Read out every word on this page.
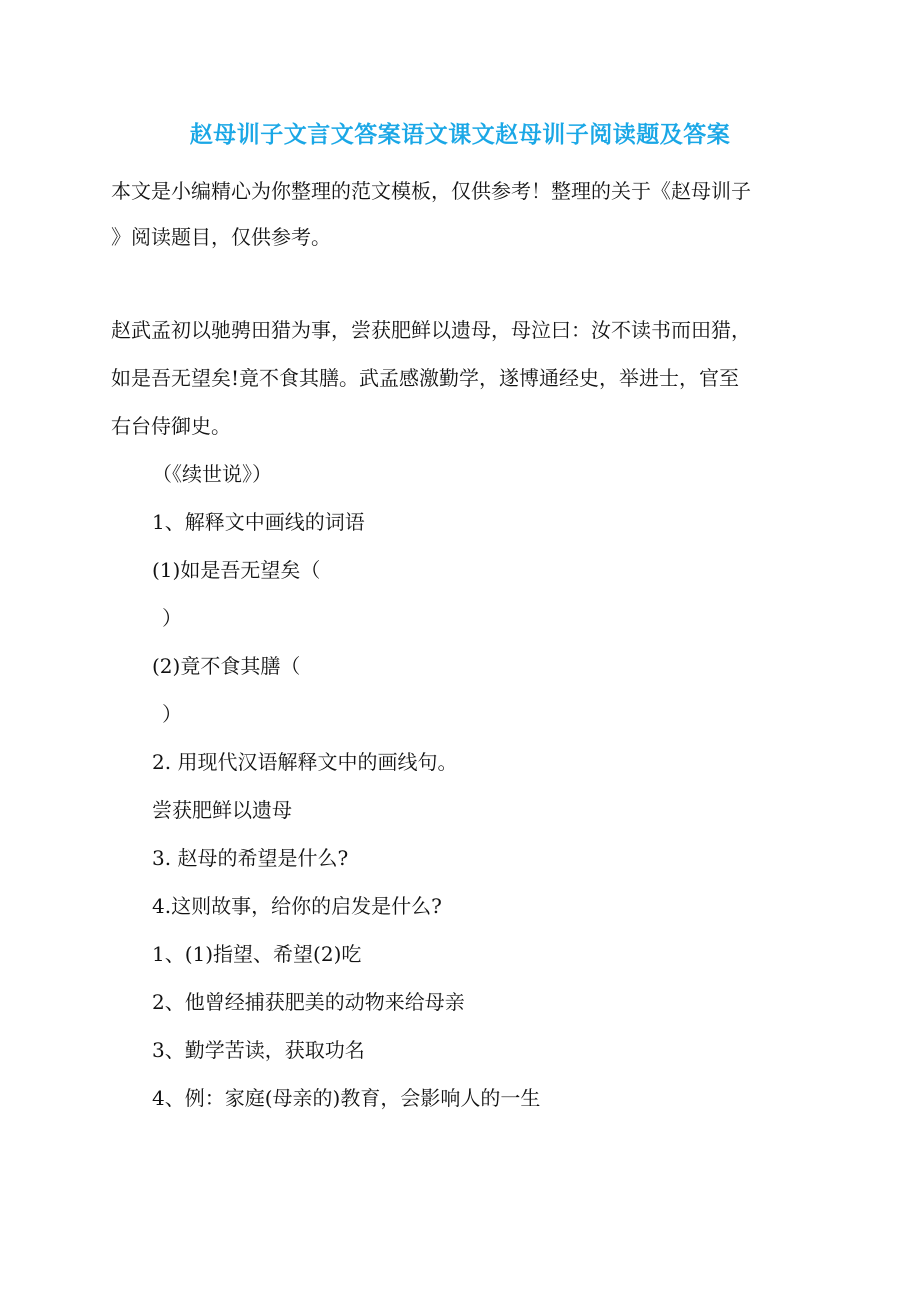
赵母训子文言文答案语文课文赵母训子阅读题及答案
本文是小编精心为你整理的范文模板，仅供参考！整理的关于《赵母训子
》阅读题目，仅供参考。
赵武孟初以驰骋田猎为事，尝获肥鲜以遗母，母泣曰：汝不读书而田猎，
如是吾无望矣!竟不食其膳。武孟感激勤学，遂博通经史，举进士，官至
右台侍御史。
（《续世说》）
1、解释文中画线的词语
(1)如是吾无望矣（
）
(2)竟不食其膳（
）
2. 用现代汉语解释文中的画线句。
尝获肥鲜以遗母
3. 赵母的希望是什么?
4.这则故事，给你的启发是什么?
1、(1)指望、希望(2)吃
2、他曾经捕获肥美的动物来给母亲
3、勤学苦读，获取功名
4、例：家庭(母亲的)教育，会影响人的一生
